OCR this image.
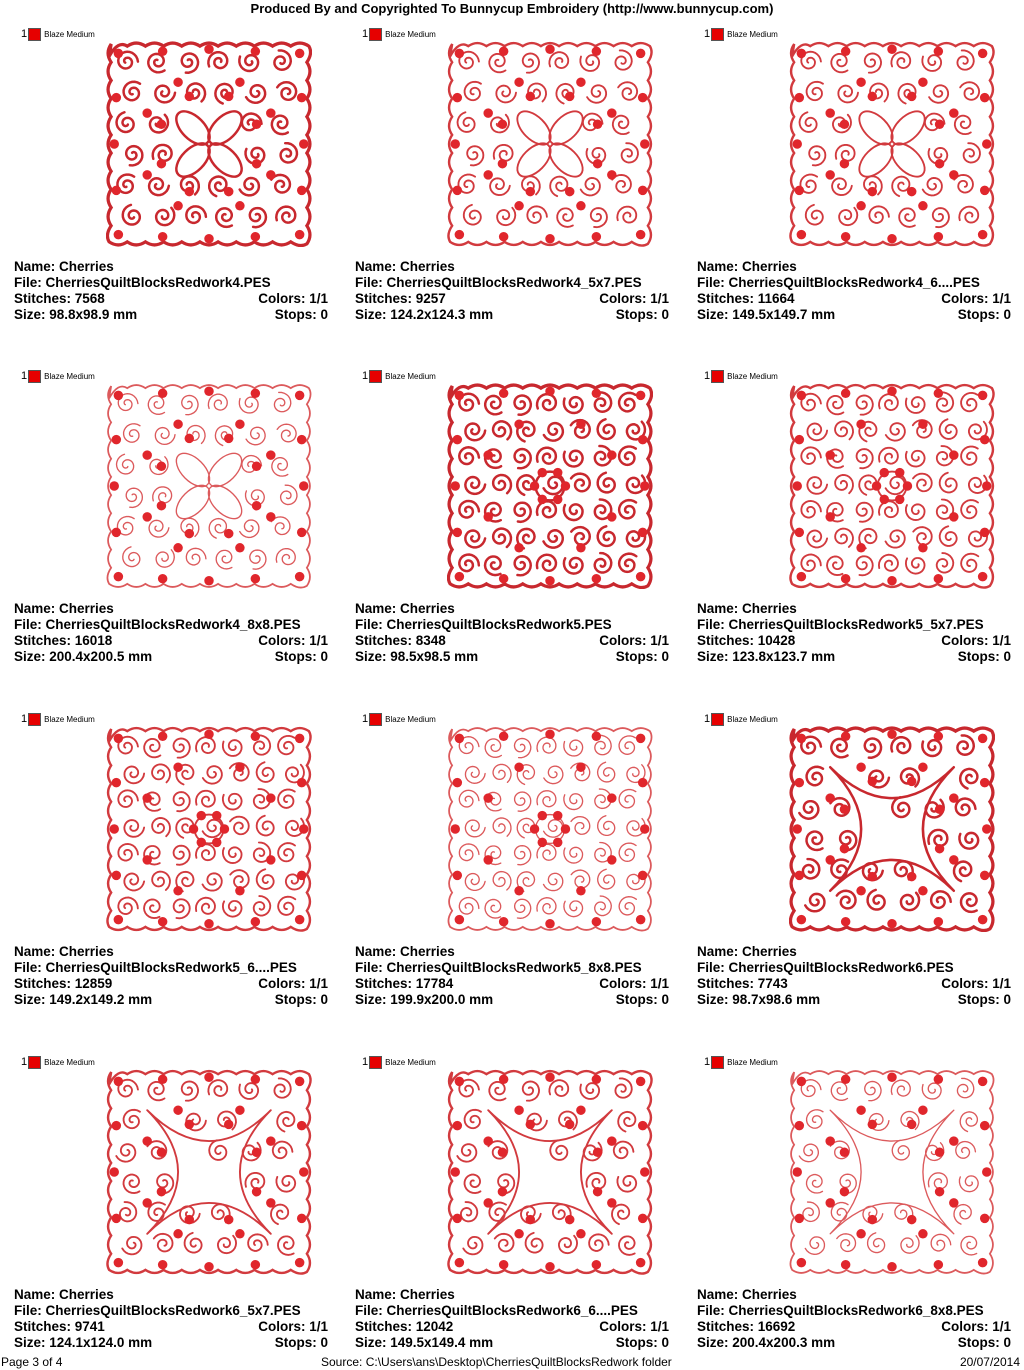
Produced By and Copyrighted To Bunnycup Embroidery (http://www.bunnycup.com)
1 Blaze Medium
Name: Cherries
File: CherriesQuiltBlocksRedwork4.PES
Stitches: 7568	Colors: 1/1
Size: 98.8x98.9 mm	Stops: 0
1 Blaze Medium
Name: Cherries
File: CherriesQuiltBlocksRedwork4_5x7.PES
Stitches: 9257	Colors: 1/1
Size: 124.2x124.3 mm	Stops: 0
1 Blaze Medium
Name: Cherries
File: CherriesQuiltBlocksRedwork4_6....PES
Stitches: 11664	Colors: 1/1
Size: 149.5x149.7 mm	Stops: 0
1 Blaze Medium
Name: Cherries
File: CherriesQuiltBlocksRedwork4_8x8.PES
Stitches: 16018	Colors: 1/1
Size: 200.4x200.5 mm	Stops: 0
1 Blaze Medium
Name: Cherries
File: CherriesQuiltBlocksRedwork5.PES
Stitches: 8348	Colors: 1/1
Size: 98.5x98.5 mm	Stops: 0
1 Blaze Medium
Name: Cherries
File: CherriesQuiltBlocksRedwork5_5x7.PES
Stitches: 10428	Colors: 1/1
Size: 123.8x123.7 mm	Stops: 0
1 Blaze Medium
Name: Cherries
File: CherriesQuiltBlocksRedwork5_6....PES
Stitches: 12859	Colors: 1/1
Size: 149.2x149.2 mm	Stops: 0
1 Blaze Medium
Name: Cherries
File: CherriesQuiltBlocksRedwork5_8x8.PES
Stitches: 17784	Colors: 1/1
Size: 199.9x200.0 mm	Stops: 0
1 Blaze Medium
Name: Cherries
File: CherriesQuiltBlocksRedwork6.PES
Stitches: 7743	Colors: 1/1
Size: 98.7x98.6 mm	Stops: 0
1 Blaze Medium
Name: Cherries
File: CherriesQuiltBlocksRedwork6_5x7.PES
Stitches: 9741	Colors: 1/1
Size: 124.1x124.0 mm	Stops: 0
1 Blaze Medium
Name: Cherries
File: CherriesQuiltBlocksRedwork6_6....PES
Stitches: 12042	Colors: 1/1
Size: 149.5x149.4 mm	Stops: 0
1 Blaze Medium
Name: Cherries
File: CherriesQuiltBlocksRedwork6_8x8.PES
Stitches: 16692	Colors: 1/1
Size: 200.4x200.3 mm	Stops: 0
Page 3 of 4	Source: C:\Users\ans\Desktop\CherriesQuiltBlocksRedwork folder	20/07/2014
